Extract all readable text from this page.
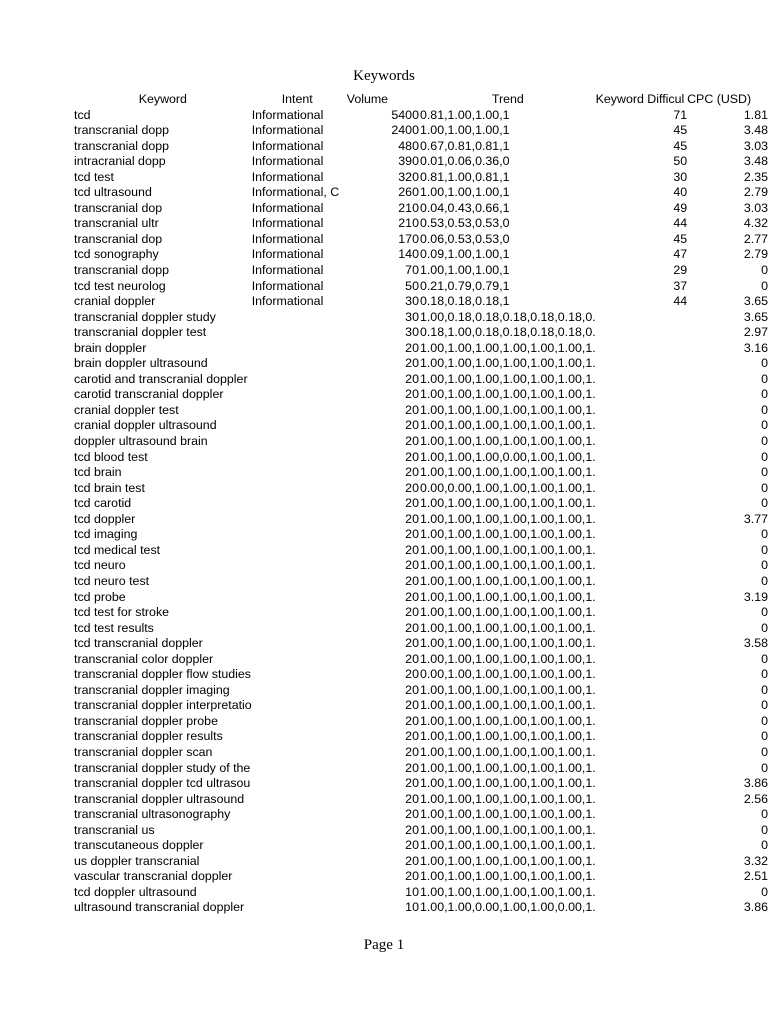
Keywords
Keyword	Intent	Volume	Trend	Keyword Difficul	CPC (USD)
tcd	Informational	5400	0.81,1.00,1.00,1	71	1.81
transcranial dopp	Informational	2400	1.00,1.00,1.00,1	45	3.48
transcranial dopp	Informational	480	0.67,0.81,0.81,1	45	3.03
intracranial dopp	Informational	390	0.01,0.06,0.36,0	50	3.48
tcd test	Informational	320	0.81,1.00,0.81,1	30	2.35
tcd ultrasound	Informational, C	260	1.00,1.00,1.00,1	40	2.79
transcranial dop	Informational	210	0.04,0.43,0.66,1	49	3.03
transcranial ultr	Informational	210	0.53,0.53,0.53,0	44	4.32
transcranial dop	Informational	170	0.06,0.53,0.53,0	45	2.77
tcd sonography	Informational	140	0.09,1.00,1.00,1	47	2.79
transcranial dopp	Informational	70	1.00,1.00,1.00,1	29	0
tcd test neurolog	Informational	50	0.21,0.79,0.79,1	37	0
cranial doppler	Informational	30	0.18,0.18,0.18,1	44	3.65
transcranial doppler study		30	1.00,0.18,0.18,0.18,0.18,0.18,0.		3.65
transcranial doppler test		30	0.18,1.00,0.18,0.18,0.18,0.18,0.		2.97
brain doppler		20	1.00,1.00,1.00,1.00,1.00,1.00,1.		3.16
brain doppler ultrasound		20	1.00,1.00,1.00,1.00,1.00,1.00,1.		0
carotid and transcranial doppler		20	1.00,1.00,1.00,1.00,1.00,1.00,1.		0
carotid transcranial doppler		20	1.00,1.00,1.00,1.00,1.00,1.00,1.		0
cranial doppler test		20	1.00,1.00,1.00,1.00,1.00,1.00,1.		0
cranial doppler ultrasound		20	1.00,1.00,1.00,1.00,1.00,1.00,1.		0
doppler ultrasound brain		20	1.00,1.00,1.00,1.00,1.00,1.00,1.		0
tcd blood test		20	1.00,1.00,1.00,0.00,1.00,1.00,1.		0
tcd brain		20	1.00,1.00,1.00,1.00,1.00,1.00,1.		0
tcd brain test		20	0.00,0.00,1.00,1.00,1.00,1.00,1.		0
tcd carotid		20	1.00,1.00,1.00,1.00,1.00,1.00,1.		0
tcd doppler		20	1.00,1.00,1.00,1.00,1.00,1.00,1.		3.77
tcd imaging		20	1.00,1.00,1.00,1.00,1.00,1.00,1.		0
tcd medical test		20	1.00,1.00,1.00,1.00,1.00,1.00,1.		0
tcd neuro		20	1.00,1.00,1.00,1.00,1.00,1.00,1.		0
tcd neuro test		20	1.00,1.00,1.00,1.00,1.00,1.00,1.		0
tcd probe		20	1.00,1.00,1.00,1.00,1.00,1.00,1.		3.19
tcd test for stroke		20	1.00,1.00,1.00,1.00,1.00,1.00,1.		0
tcd test results		20	1.00,1.00,1.00,1.00,1.00,1.00,1.		0
tcd transcranial doppler		20	1.00,1.00,1.00,1.00,1.00,1.00,1.		3.58
transcranial color doppler		20	1.00,1.00,1.00,1.00,1.00,1.00,1.		0
transcranial doppler flow studies		20	0.00,1.00,1.00,1.00,1.00,1.00,1.		0
transcranial doppler imaging		20	1.00,1.00,1.00,1.00,1.00,1.00,1.		0
transcranial doppler interpretatio		20	1.00,1.00,1.00,1.00,1.00,1.00,1.		0
transcranial doppler probe		20	1.00,1.00,1.00,1.00,1.00,1.00,1.		0
transcranial doppler results		20	1.00,1.00,1.00,1.00,1.00,1.00,1.		0
transcranial doppler scan		20	1.00,1.00,1.00,1.00,1.00,1.00,1.		0
transcranial doppler study of the		20	1.00,1.00,1.00,1.00,1.00,1.00,1.		0
transcranial doppler tcd ultrasou		20	1.00,1.00,1.00,1.00,1.00,1.00,1.		3.86
transcranial doppler ultrasound		20	1.00,1.00,1.00,1.00,1.00,1.00,1.		2.56
transcranial ultrasonography		20	1.00,1.00,1.00,1.00,1.00,1.00,1.		0
transcranial us		20	1.00,1.00,1.00,1.00,1.00,1.00,1.		0
transcutaneous doppler		20	1.00,1.00,1.00,1.00,1.00,1.00,1.		0
us doppler transcranial		20	1.00,1.00,1.00,1.00,1.00,1.00,1.		3.32
vascular transcranial doppler		20	1.00,1.00,1.00,1.00,1.00,1.00,1.		2.51
tcd doppler ultrasound		10	1.00,1.00,1.00,1.00,1.00,1.00,1.		0
ultrasound transcranial doppler		10	1.00,1.00,0.00,1.00,1.00,0.00,1.		3.86
Page 1
